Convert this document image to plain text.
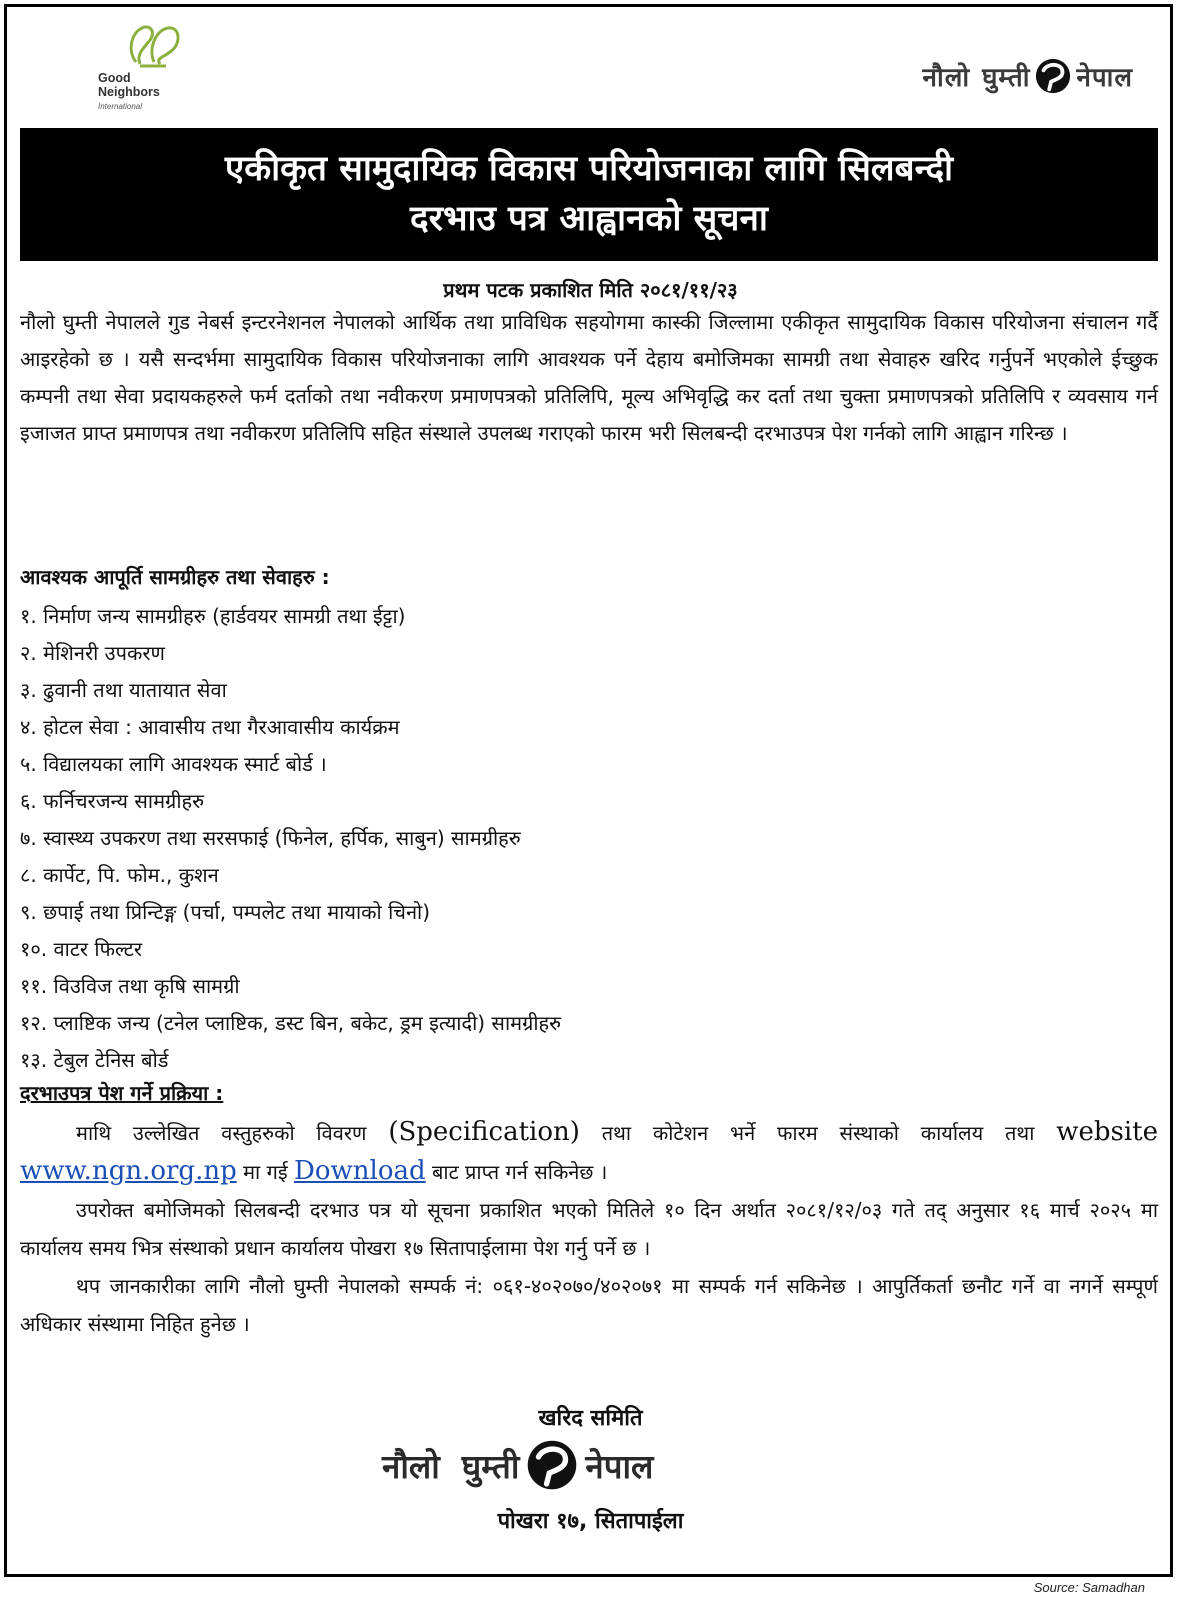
Good
Neighbors
International
नौलो घुम्ती नेपाल
एकीकृत सामुदायिक विकास परियोजनाका लागि सिलबन्दी
दरभाउ पत्र आह्वानको सूचना
प्रथम पटक प्रकाशित मिति २०८१/११/२३
नौलो घुम्ती नेपालले गुड नेबर्स इन्टरनेशनल नेपालको आर्थिक तथा प्राविधिक सहयोगमा कास्की जिल्लामा एकीकृत सामुदायिक विकास परियोजना संचालन गर्दै आइरहेको छ । यसै सन्दर्भमा सामुदायिक विकास परियोजनाका लागि आवश्यक पर्ने देहाय बमोजिमका सामग्री तथा सेवाहरु खरिद गर्नुपर्ने भएकोले ईच्छुक कम्पनी तथा सेवा प्रदायकहरुले फर्म दर्ताको तथा नवीकरण प्रमाणपत्रको प्रतिलिपि, मूल्य अभिवृद्धि कर दर्ता तथा चुक्ता प्रमाणपत्रको प्रतिलिपि र व्यवसाय गर्न इजाजत प्राप्त प्रमाणपत्र तथा नवीकरण प्रतिलिपि सहित संस्थाले उपलब्ध गराएको फारम भरी सिलबन्दी दरभाउपत्र पेश गर्नको लागि आह्वान गरिन्छ ।
आवश्यक आपूर्ति सामग्रीहरु तथा सेवाहरु :
१. निर्माण जन्य सामग्रीहरु (हार्डवयर सामग्री तथा ईट्टा)
२. मेशिनरी उपकरण
३. ढुवानी तथा यातायात सेवा
४. होटल सेवा : आवासीय तथा गैरआवासीय कार्यक्रम
५. विद्यालयका लागि आवश्यक स्मार्ट बोर्ड ।
६. फर्निचरजन्य सामग्रीहरु
७. स्वास्थ्य उपकरण तथा सरसफाई (फिनेल, हर्पिक, साबुन) सामग्रीहरु
८. कार्पेट, पि. फोम., कुशन
९. छपाई तथा प्रिन्टिङ्ग (पर्चा, पम्पलेट तथा मायाको चिनो)
१०. वाटर फिल्टर
११. विउविज तथा कृषि सामग्री
१२. प्लाष्टिक जन्य (टनेल प्लाष्टिक, डस्ट बिन, बकेट, ड्रम इत्यादी) सामग्रीहरु
१३. टेबुल टेनिस बोर्ड
दरभाउपत्र पेश गर्ने प्रक्रिया :
माथि उल्लेखित वस्तुहरुको विवरण (Specification) तथा कोटेशन भर्ने फारम संस्थाको कार्यालय तथा website www.ngn.org.np मा गई Download बाट प्राप्त गर्न सकिनेछ ।
उपरोक्त बमोजिमको सिलबन्दी दरभाउ पत्र यो सूचना प्रकाशित भएको मितिले १० दिन अर्थात २०८१/१२/०३ गते तद् अनुसार १६ मार्च २०२५ मा कार्यालय समय भित्र संस्थाको प्रधान कार्यालय पोखरा १७ सितापाईलामा पेश गर्नु पर्ने छ ।
थप जानकारीका लागि नौलो घुम्ती नेपालको सम्पर्क नं: ०६१-४०२०७०/४०२०७१ मा सम्पर्क गर्न सकिनेछ । आपुर्तिकर्ता छनौट गर्ने वा नगर्ने सम्पूर्ण अधिकार संस्थामा निहित हुनेछ ।
खरिद समिति
नौलो घुम्ती नेपाल
पोखरा १७, सितापाईला
Source: Samadhan
